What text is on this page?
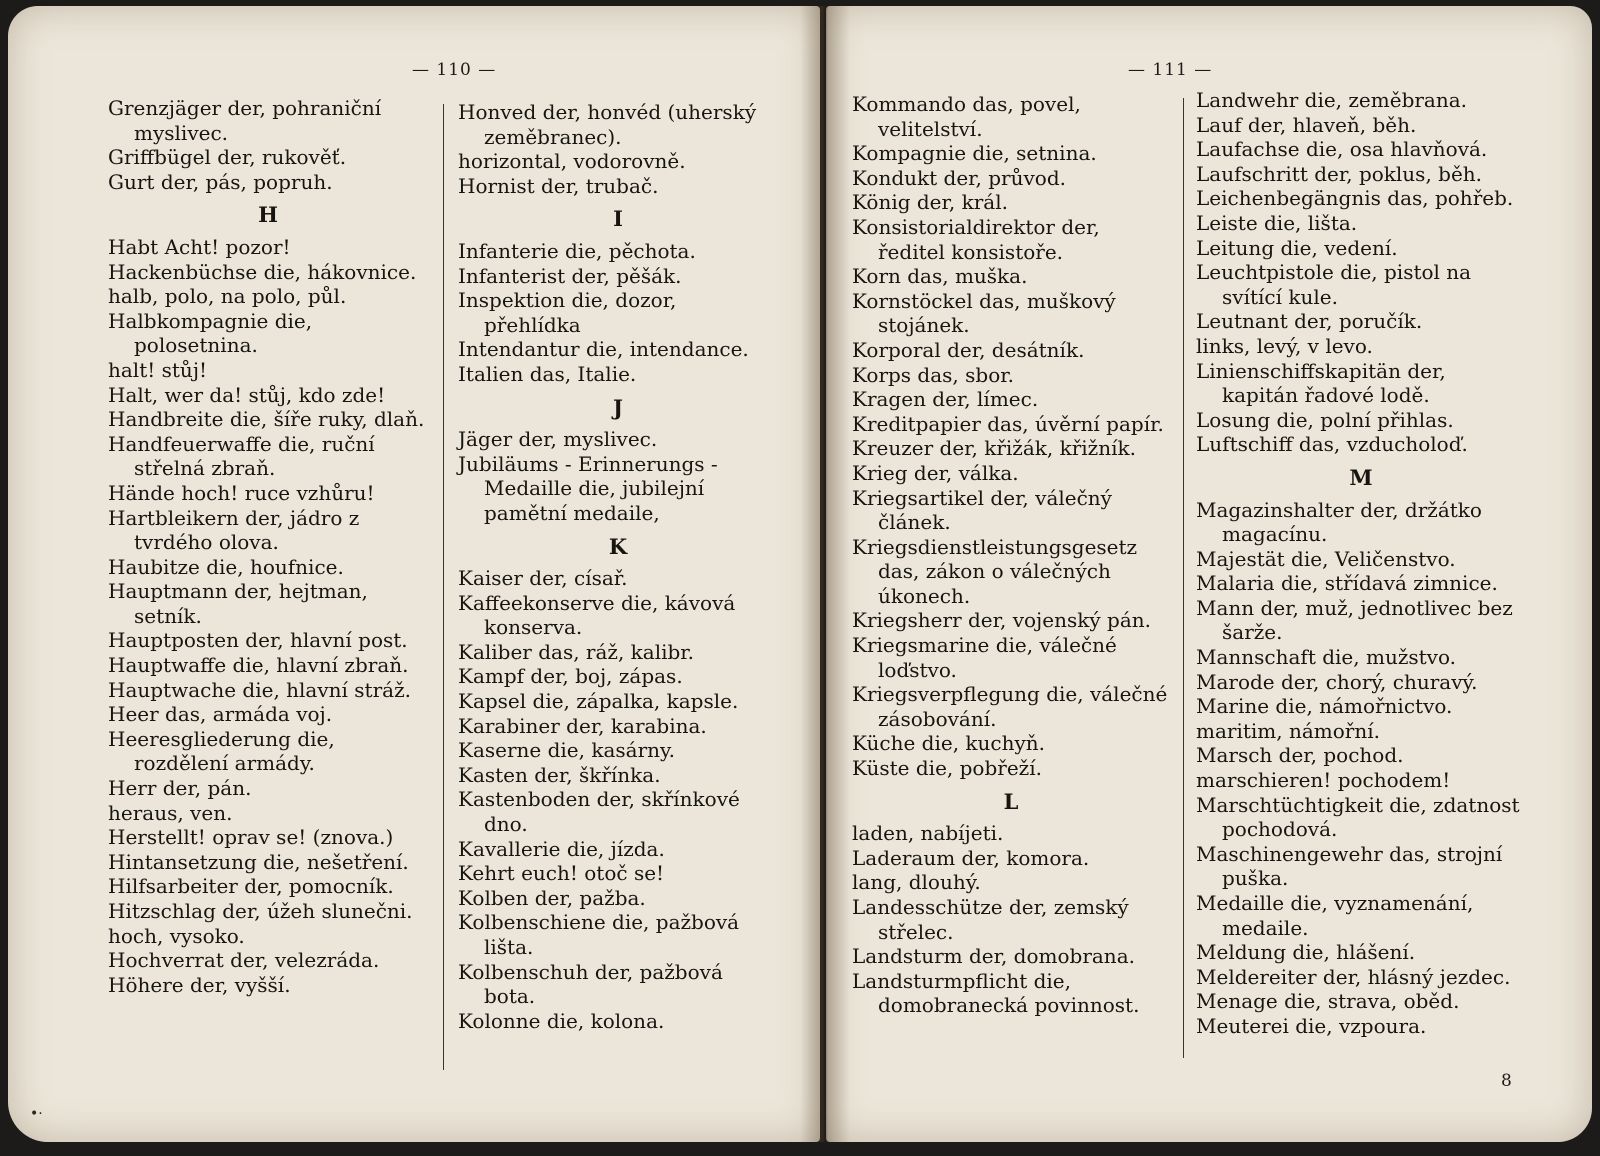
— 110 —	— 111 —

Grenzjäger der, pohraniční myslivec.

Griffbügel der, rukověť.

Gurt der, pás, popruh.

H

Habt Acht! pozor!

Hackenbüchse die, hákovnice.

halb, polo, na polo, půl.

Halbkompagnie die, polosetnina.

halt! stůj!

Halt, wer da! stůj, kdo zde!

Handbreite die, šíře ruky, dlaň.

Handfeuerwaffe die, ruční střelná zbraň.

Hände hoch! ruce vzhůru!

Hartbleikern der, jádro z tvrdého olova.

Haubitze die, houfnice.

Hauptmann der, hejtman, setník.

Hauptposten der, hlavní post.

Hauptwaffe die, hlavní zbraň.

Hauptwache die, hlavní stráž.

Heer das, armáda voj.

Heeresgliederung die, rozdělení armády.

Herr der, pán.

heraus, ven.

Herstellt! oprav se! (znova.)

Hintansetzung die, nešetření.

Hilfsarbeiter der, pomocník.

Hitzschlag der, úžeh slunečni.

hoch, vysoko.

Hochverrat der, velezráda.

Höhere der, vyšší.

Honved der, honvéd (uherský zeměbranec).

horizontal, vodorovně.

Hornist der, trubač.

I

Infanterie die, pěchota.

Infanterist der, pěšák.

Inspektion die, dozor, přehlídka

Intendantur die, intendance.

Italien das, Italie.

J

Jäger der, myslivec.

Jubiläums - Erinnerungs - Medaille die, jubilejní pamětní medaile,

K

Kaiser der, císař.

Kaffeekonserve die, kávová konserva.

Kaliber das, ráž, kalibr.

Kampf der, boj, zápas.

Kapsel die, zápalka, kapsle.

Karabiner der, karabina.

Kaserne die, kasárny.

Kasten der, škřínka.

Kastenboden der, skřínkové dno.

Kavallerie die, jízda.

Kehrt euch! otoč se!

Kolben der, pažba.

Kolbenschiene die, pažbová lišta.

Kolbenschuh der, pažbová bota.

Kolonne die, kolona.

Kommando das, povel, velitelství.

Kompagnie die, setnina.

Kondukt der, průvod.

König der, král.

Konsistorialdirektor der, ředitel konsistoře.

Korn das, muška.

Kornstöckel das, muškový stojánek.

Korporal der, desátník.

Korps das, sbor.

Kragen der, límec.

Kreditpapier das, úvěrní papír.

Kreuzer der, křižák, křižník.

Krieg der, válka.

Kriegsartikel der, válečný článek.

Kriegsdienstleistungsgesetz das, zákon o válečných úkonech.

Kriegsherr der, vojenský pán.

Kriegsmarine die, válečné loďstvo.

Kriegsverpflegung die, válečné zásobování.

Küche die, kuchyň.

Küste die, pobřeží.

L

laden, nabíjeti.

Laderaum der, komora.

lang, dlouhý.

Landesschütze der, zemský střelec.

Landsturm der, domobrana.

Landsturmpflicht die, domobranecká povinnost.

Landwehr die, zeměbrana.

Lauf der, hlaveň, běh.

Laufachse die, osa hlavňová.

Laufschritt der, poklus, běh.

Leichenbegängnis das, pohřeb.

Leiste die, lišta.

Leitung die, vedení.

Leuchtpistole die, pistol na svítící kule.

Leutnant der, poručík.

links, levý, v levo.

Linienschiffskapitän der, kapitán řadové lodě.

Losung die, polní přihlas.

Luftschiff das, vzducholoď.

M

Magazinshalter der, držátko magacínu.

Majestät die, Veličenstvo.

Malaria die, střídavá zimnice.

Mann der, muž, jednotlivec bez šarže.

Mannschaft die, mužstvo.

Marode der, chorý, churavý.

Marine die, námořnictvo.

maritim, námořní.

Marsch der, pochod.

marschieren! pochodem!

Marschtüchtigkeit die, zdatnost pochodová.

Maschinengewehr das, strojní puška.

Medaille die, vyznamenání, medaile.

Meldung die, hlášení.

Meldereiter der, hlásný jezdec.

Menage die, strava, oběd.

Meuterei die, vzpoura.

8
•·
